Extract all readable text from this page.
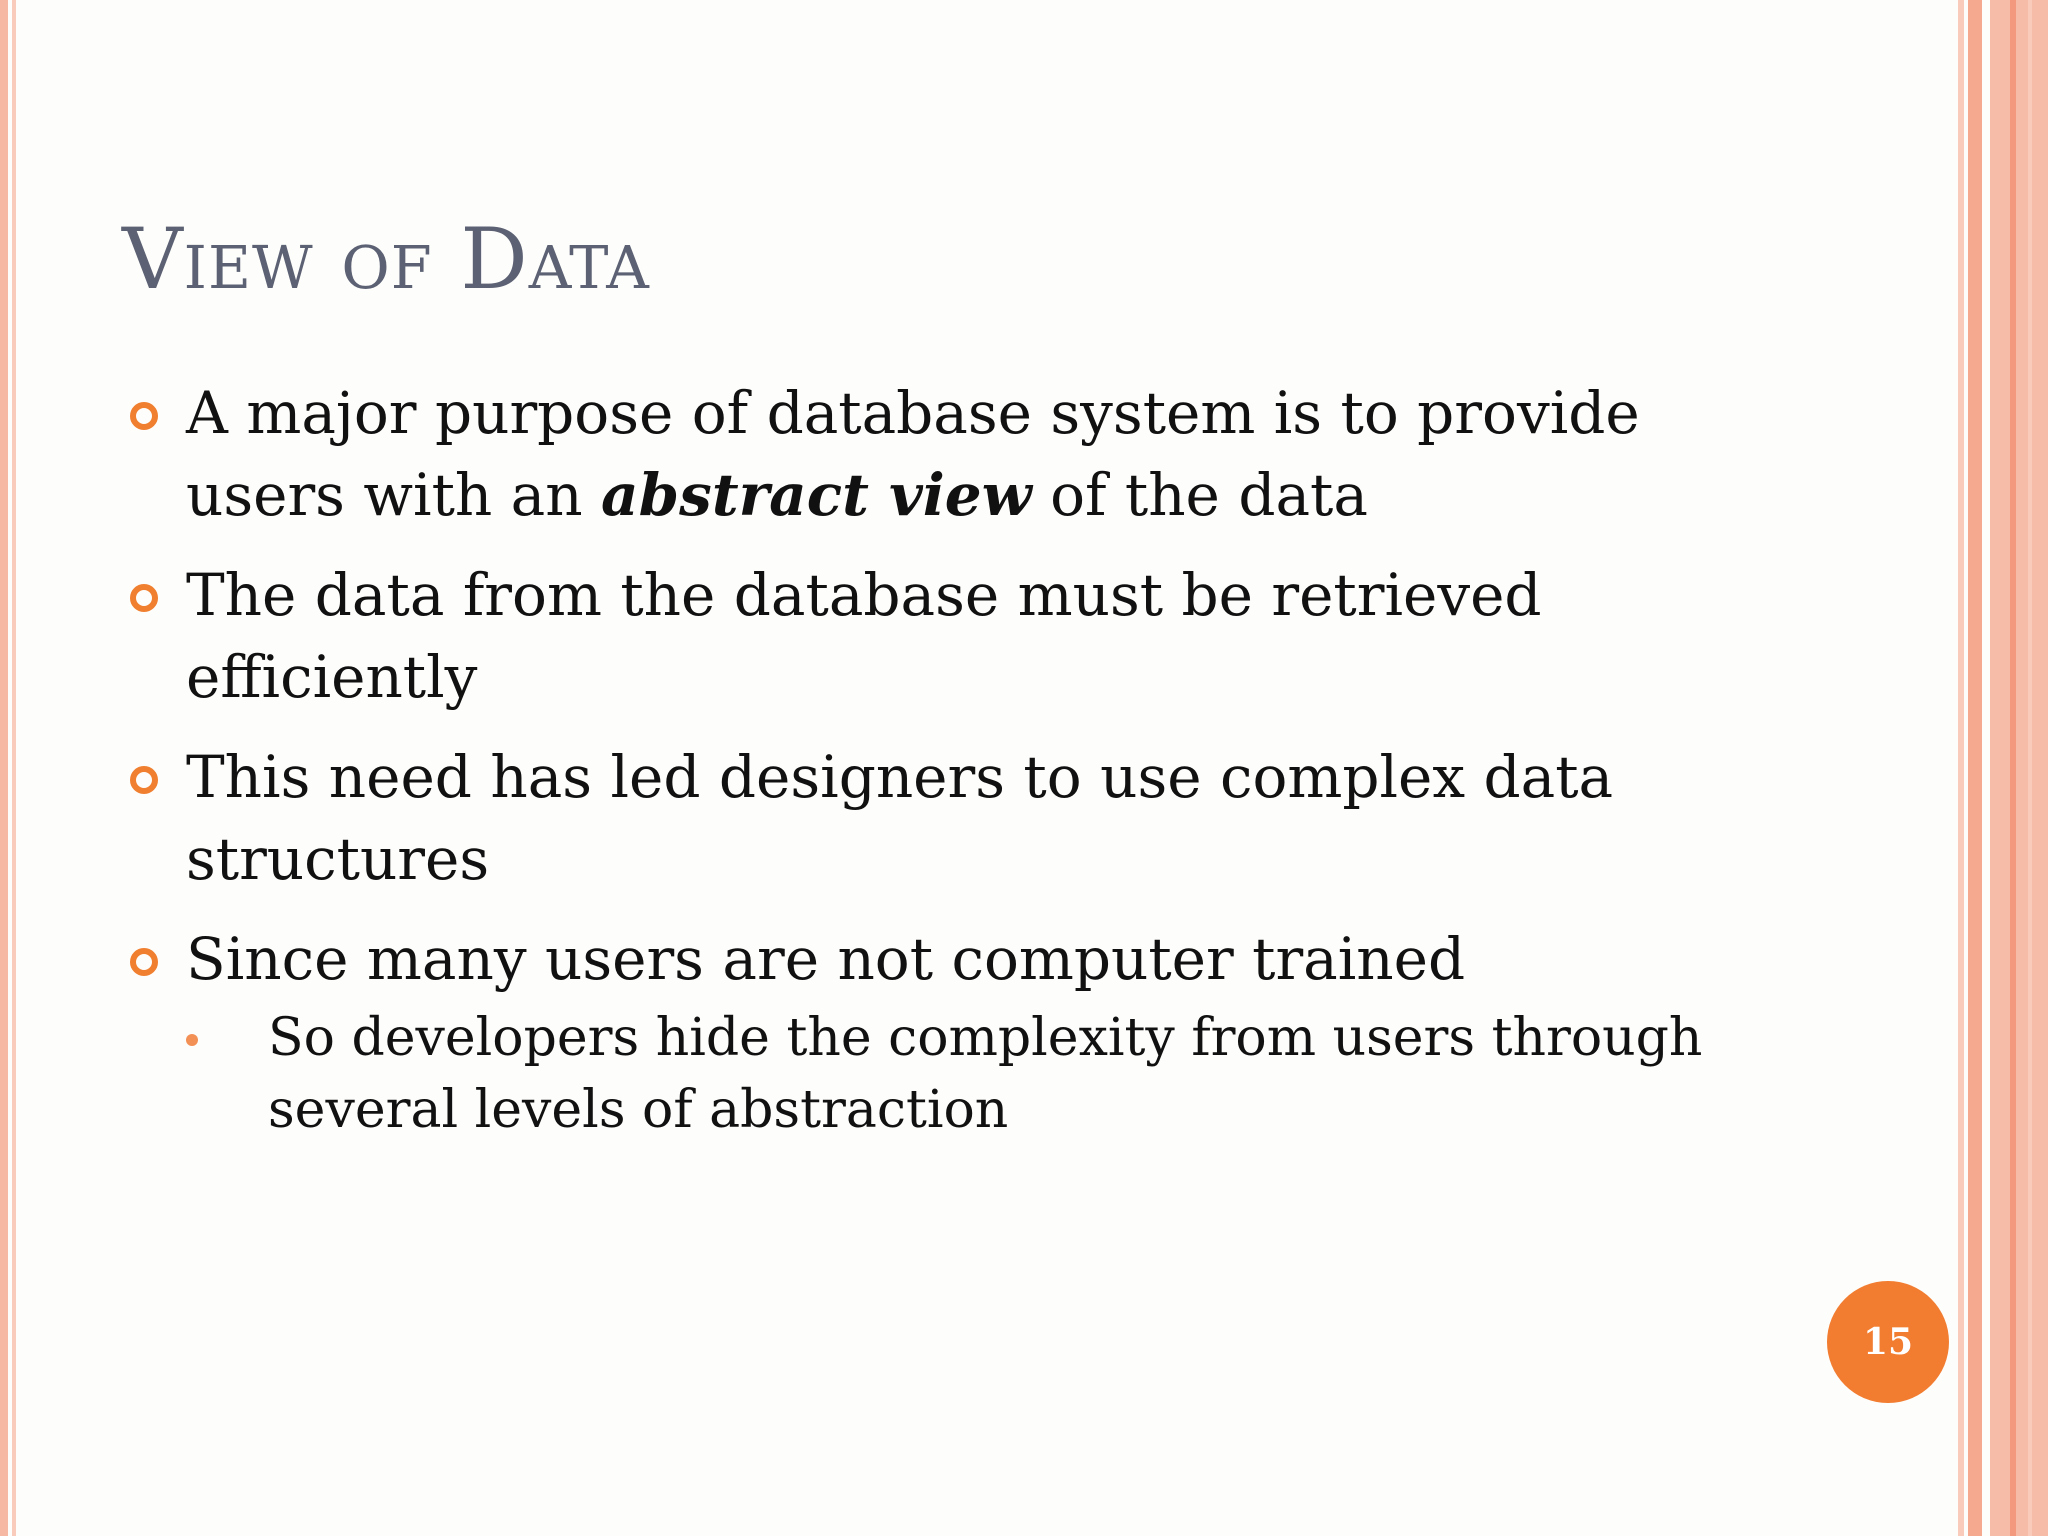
View of Data
A major purpose of database system is to provide users with an abstract view of the data
The data from the database must be retrieved efficiently
This need has led designers to use complex data structures
Since many users are not computer trained
So developers hide the complexity from users through several levels of abstraction
15
